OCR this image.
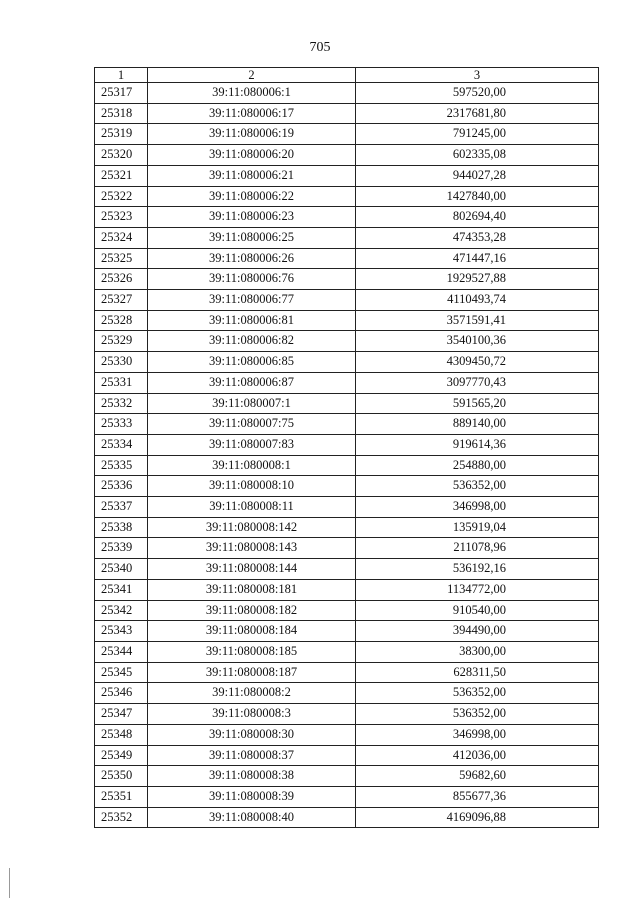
705
1	2	3
25317	39:11:080006:1	597520,00
25318	39:11:080006:17	2317681,80
25319	39:11:080006:19	791245,00
25320	39:11:080006:20	602335,08
25321	39:11:080006:21	944027,28
25322	39:11:080006:22	1427840,00
25323	39:11:080006:23	802694,40
25324	39:11:080006:25	474353,28
25325	39:11:080006:26	471447,16
25326	39:11:080006:76	1929527,88
25327	39:11:080006:77	4110493,74
25328	39:11:080006:81	3571591,41
25329	39:11:080006:82	3540100,36
25330	39:11:080006:85	4309450,72
25331	39:11:080006:87	3097770,43
25332	39:11:080007:1	591565,20
25333	39:11:080007:75	889140,00
25334	39:11:080007:83	919614,36
25335	39:11:080008:1	254880,00
25336	39:11:080008:10	536352,00
25337	39:11:080008:11	346998,00
25338	39:11:080008:142	135919,04
25339	39:11:080008:143	211078,96
25340	39:11:080008:144	536192,16
25341	39:11:080008:181	1134772,00
25342	39:11:080008:182	910540,00
25343	39:11:080008:184	394490,00
25344	39:11:080008:185	38300,00
25345	39:11:080008:187	628311,50
25346	39:11:080008:2	536352,00
25347	39:11:080008:3	536352,00
25348	39:11:080008:30	346998,00
25349	39:11:080008:37	412036,00
25350	39:11:080008:38	59682,60
25351	39:11:080008:39	855677,36
25352	39:11:080008:40	4169096,88
